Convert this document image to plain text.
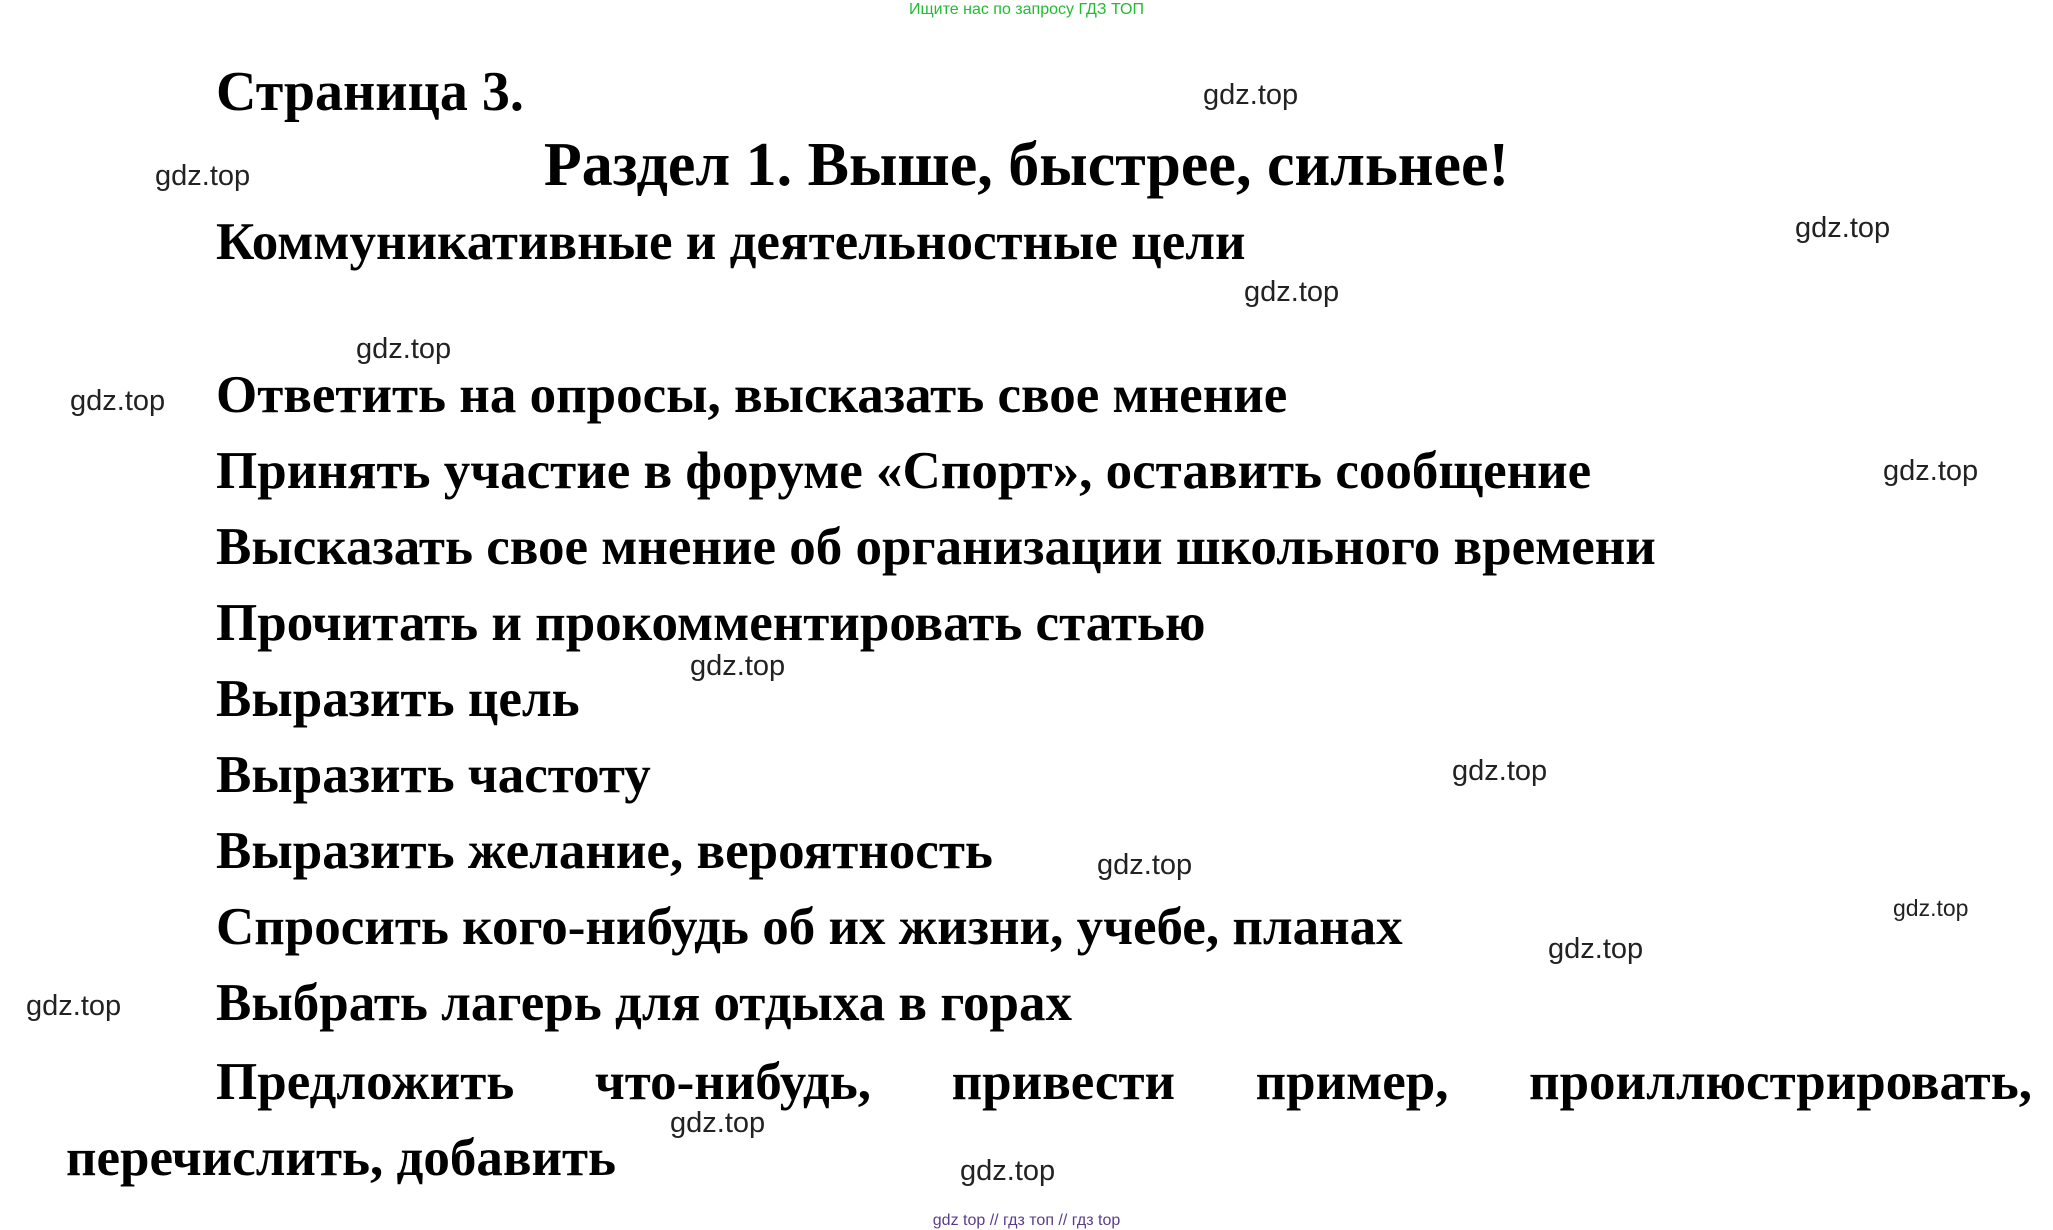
Ищите нас по запросу ГДЗ ТОП
Страница 3.
Раздел 1. Выше, быстрее, сильнее!
Коммуникативные и деятельностные цели
Ответить на опросы, высказать свое мнение
Принять участие в форуме «Спорт», оставить сообщение
Высказать свое мнение об организации школьного времени
Прочитать и прокомментировать статью
Выразить цель
Выразить частоту
Выразить желание, вероятность
Спросить кого-нибудь об их жизни, учебе, планах
Выбрать лагерь для отдыха в горах
Предложить что-нибудь, привести пример, проиллюстрировать,
перечислить, добавить
gdz.top
gdz.top
gdz.top
gdz.top
gdz.top
gdz.top
gdz.top
gdz.top
gdz.top
gdz.top
gdz.top
gdz.top
gdz.top
gdz.top
gdz.top
gdz top // гдз топ // гдз top
